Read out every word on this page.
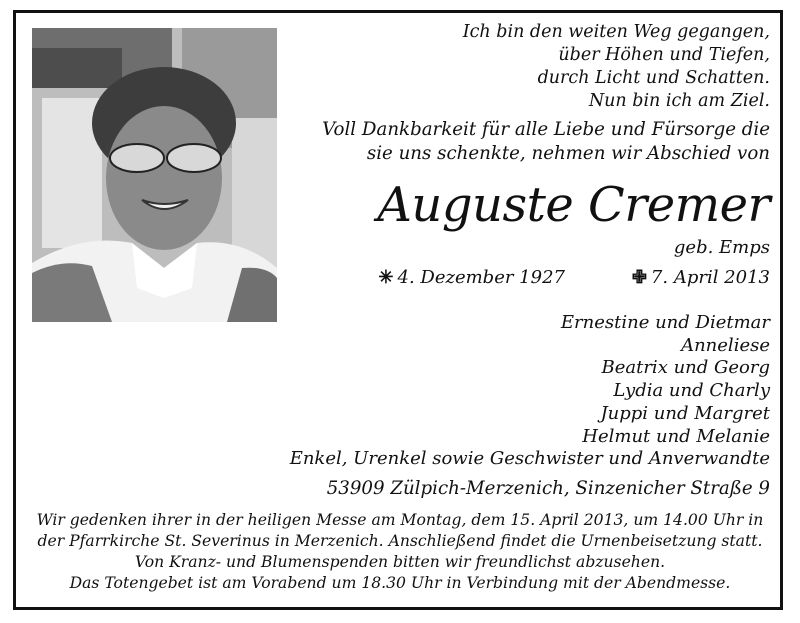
Ich bin den weiten Weg gegangen,
über Höhen und Tiefen,
durch Licht und Schatten.
Nun bin ich am Ziel.
Voll Dankbarkeit für alle Liebe und Fürsorge die
sie uns schenkte, nehmen wir Abschied von
Auguste Cremer
geb. Emps
✳ 4. Dezember 1927	✙ 7. April 2013
Ernestine und Dietmar
Anneliese
Beatrix und Georg
Lydia und Charly
Juppi und Margret
Helmut und Melanie
Enkel, Urenkel sowie Geschwister und Anverwandte
53909 Zülpich-Merzenich, Sinzenicher Straße 9
Wir gedenken ihrer in der heiligen Messe am Montag, dem 15. April 2013, um 14.00 Uhr in
der Pfarrkirche St. Severinus in Merzenich. Anschließend findet die Urnenbeisetzung statt.
Von Kranz- und Blumenspenden bitten wir freundlichst abzusehen.
Das Totengebet ist am Vorabend um 18.30 Uhr in Verbindung mit der Abendmesse.
